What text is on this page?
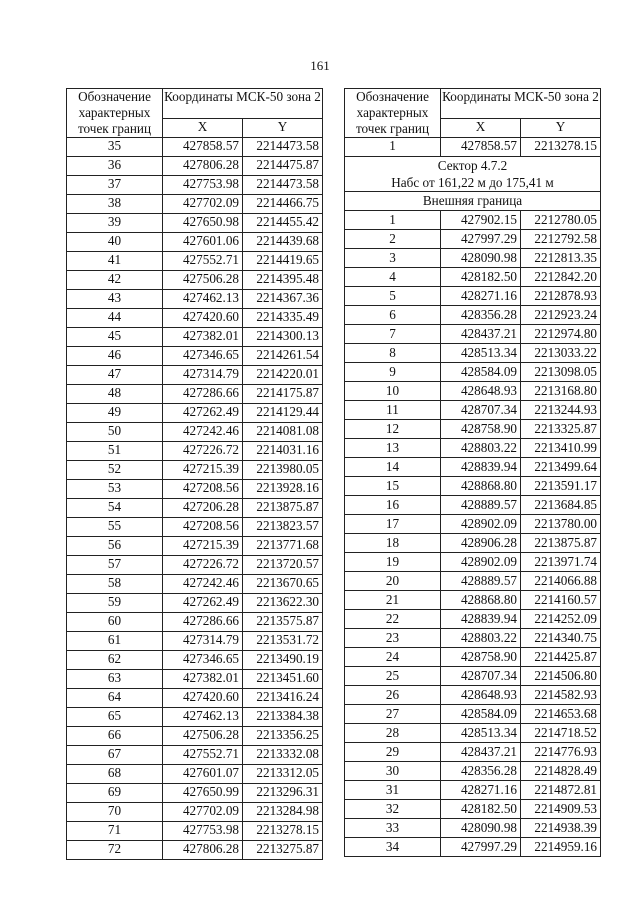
161
Обозначение характерных точек границ	Координаты МСК-50 зона 2	

	X	Y
35	427858.57	2214473.58
36	427806.28	2214475.87
37	427753.98	2214473.58
38	427702.09	2214466.75
39	427650.98	2214455.42
40	427601.06	2214439.68
41	427552.71	2214419.65
42	427506.28	2214395.48
43	427462.13	2214367.36
44	427420.60	2214335.49
45	427382.01	2214300.13
46	427346.65	2214261.54
47	427314.79	2214220.01
48	427286.66	2214175.87
49	427262.49	2214129.44
50	427242.46	2214081.08
51	427226.72	2214031.16
52	427215.39	2213980.05
53	427208.56	2213928.16
54	427206.28	2213875.87
55	427208.56	2213823.57
56	427215.39	2213771.68
57	427226.72	2213720.57
58	427242.46	2213670.65
59	427262.49	2213622.30
60	427286.66	2213575.87
61	427314.79	2213531.72
62	427346.65	2213490.19
63	427382.01	2213451.60
64	427420.60	2213416.24
65	427462.13	2213384.38
66	427506.28	2213356.25
67	427552.71	2213332.08
68	427601.07	2213312.05
69	427650.99	2213296.31
70	427702.09	2213284.98
71	427753.98	2213278.15
72	427806.28	2213275.87
Обозначение характерных точек границ	Координаты МСК-50 зона 2	

	X	Y
1	427858.57	2213278.15

Сектор 4.7.2
Набс от 161,22 м до 175,41 м		

Внешняя граница		

1	427902.15	2212780.05
2	427997.29	2212792.58
3	428090.98	2212813.35
4	428182.50	2212842.20
5	428271.16	2212878.93
6	428356.28	2212923.24
7	428437.21	2212974.80
8	428513.34	2213033.22
9	428584.09	2213098.05
10	428648.93	2213168.80
11	428707.34	2213244.93
12	428758.90	2213325.87
13	428803.22	2213410.99
14	428839.94	2213499.64
15	428868.80	2213591.17
16	428889.57	2213684.85
17	428902.09	2213780.00
18	428906.28	2213875.87
19	428902.09	2213971.74
20	428889.57	2214066.88
21	428868.80	2214160.57
22	428839.94	2214252.09
23	428803.22	2214340.75
24	428758.90	2214425.87
25	428707.34	2214506.80
26	428648.93	2214582.93
27	428584.09	2214653.68
28	428513.34	2214718.52
29	428437.21	2214776.93
30	428356.28	2214828.49
31	428271.16	2214872.81
32	428182.50	2214909.53
33	428090.98	2214938.39
34	427997.29	2214959.16
